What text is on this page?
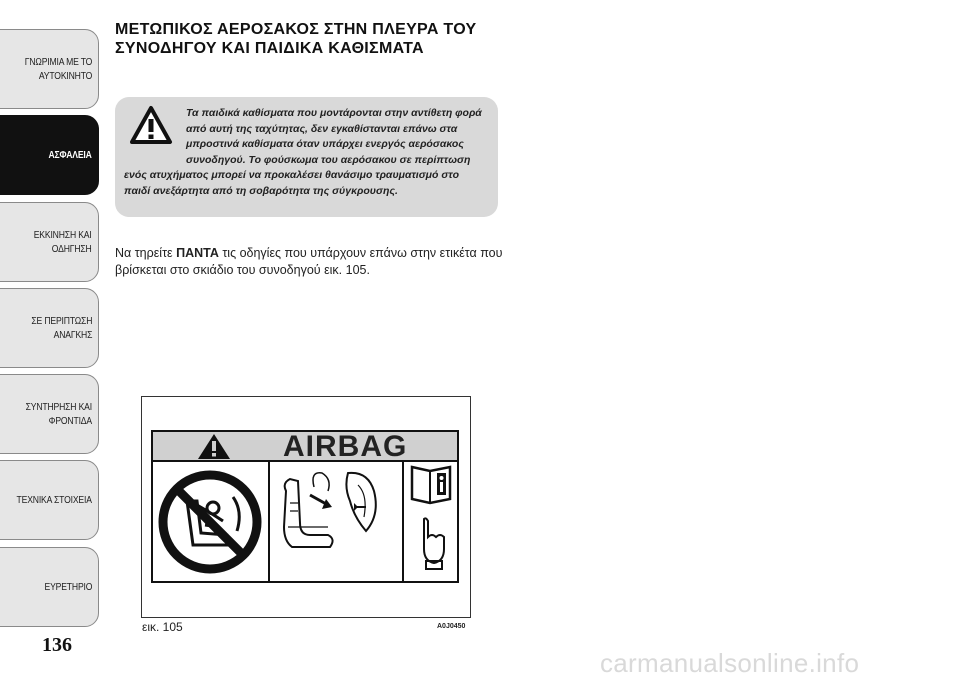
ΓΝΩΡΙΜΙΑ ΜΕ ΤΟ
ΑΥΤΟΚΙΝΗΤΟ
ΑΣΦΑΛΕΙΑ
ΕΚΚΙΝΗΣΗ ΚΑΙ
ΟΔΗΓΗΣΗ
ΣΕ ΠΕΡΙΠΤΩΣΗ
ΑΝΑΓΚΗΣ
ΣΥΝΤΗΡΗΣΗ ΚΑΙ
ΦΡΟΝΤΙΔΑ
ΤΕΧΝΙΚΑ ΣΤΟΙΧΕΙΑ
ΕΥΡΕΤΗΡΙΟ
136
ΜΕΤΩΠΙΚΟΣ ΑΕΡΟΣΑΚΟΣ ΣΤΗΝ ΠΛΕΥΡΑ ΤΟΥ ΣΥΝΟΔΗΓΟΥ ΚΑΙ ΠΑΙΔΙΚΑ ΚΑΘΙΣΜΑΤΑ

Τα παιδικά καθίσματα που μοντάρονται στην αντίθετη φορά από αυτή της ταχύτητας, δεν εγκαθίστανται επάνω στα μπροστινά καθίσματα όταν υπάρχει ενεργός αερόσακος συνοδηγού. Το φούσκωμα του αερόσακου σε περίπτωση ενός ατυχήματος μπορεί να προκαλέσει θανάσιμο τραυματισμό στο παιδί ανεξάρτητα από τη σοβαρότητα της σύγκρουσης.

Να τηρείτε ΠΑΝΤΑ τις οδηγίες που υπάρχουν επάνω στην ετικέτα που βρίσκεται στο σκιάδιο του συνοδηγού εικ. 105.

AIRBAG
εικ. 105	A0J0450
carmanualsonline.info
